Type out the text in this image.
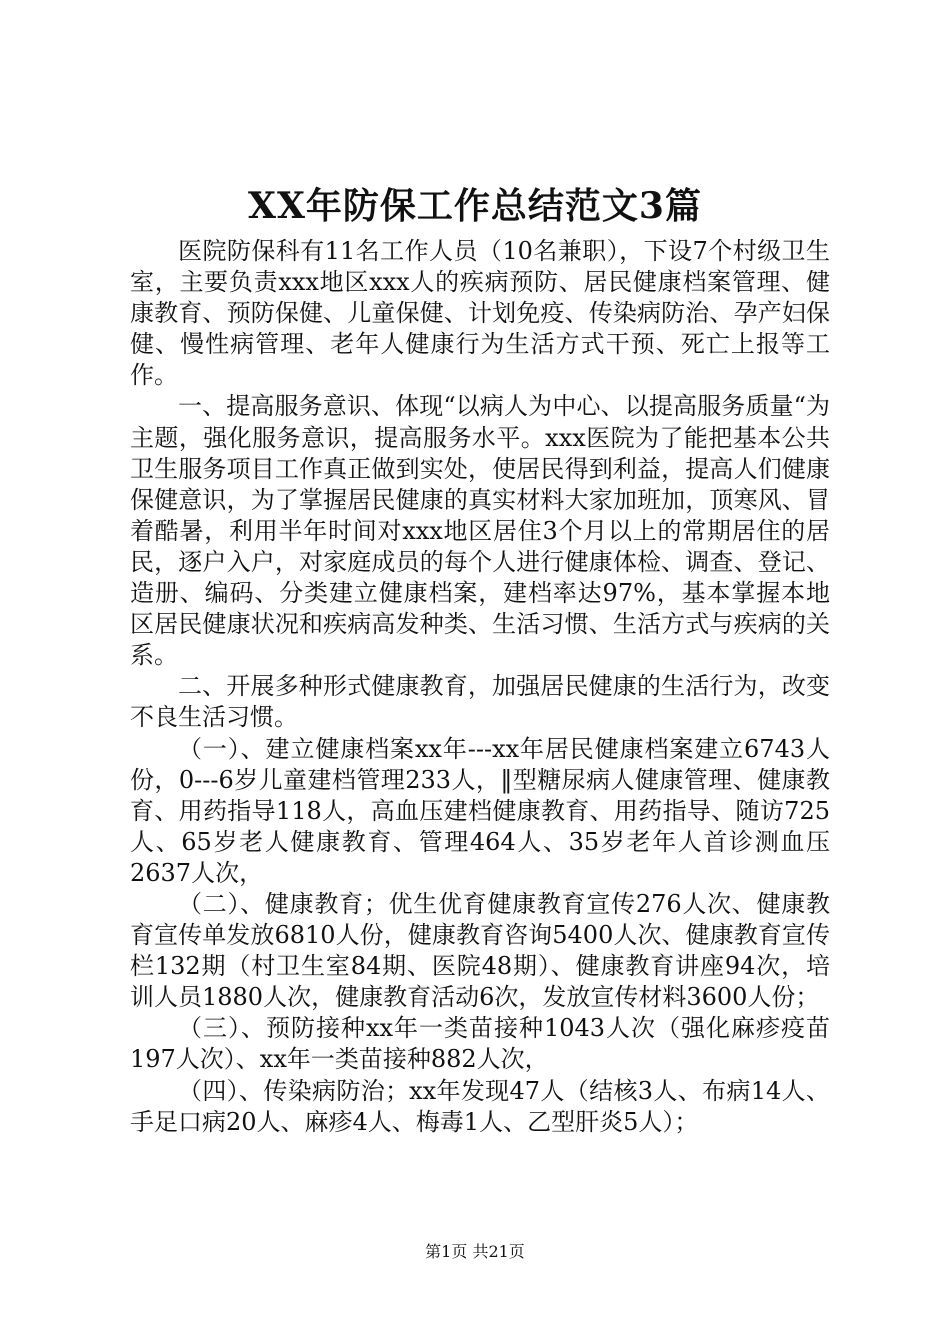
XX年防保工作总结范文3篇

医院防保科有11名工作人员（10名兼职），下设7个村级卫生室，主要负责xxx地区xxx人的疾病预防、居民健康档案管理、健康教育、预防保健、儿童保健、计划免疫、传染病防治、孕产妇保健、慢性病管理、老年人健康行为生活方式干预、死亡上报等工作。

一、提高服务意识、体现“以病人为中心、以提高服务质量“为主题，强化服务意识，提高服务水平。xxx医院为了能把基本公共卫生服务项目工作真正做到实处，使居民得到利益，提高人们健康保健意识，为了掌握居民健康的真实材料大家加班加，顶寒风、冒着酷暑，利用半年时间对xxx地区居住3个月以上的常期居住的居民，逐户入户，对家庭成员的每个人进行健康体检、调查、登记、造册、编码、分类建立健康档案，建档率达97%，基本掌握本地区居民健康状况和疾病高发种类、生活习惯、生活方式与疾病的关系。

二、开展多种形式健康教育，加强居民健康的生活行为，改变不良生活习惯。

（一）、建立健康档案xx年---xx年居民健康档案建立6743人份，0---6岁儿童建档管理233人，‖型糖尿病人健康管理、健康教育、用药指导118人，高血压建档健康教育、用药指导、随访725人、65岁老人健康教育、管理464人、35岁老年人首诊测血压2637人次，

（二）、健康教育；优生优育健康教育宣传276人次、健康教育宣传单发放6810人份，健康教育咨询5400人次、健康教育宣传栏132期（村卫生室84期、医院48期）、健康教育讲座94次，培训人员1880人次，健康教育活动6次，发放宣传材料3600人份；

（三）、预防接种xx年一类苗接种1043人次（强化麻疹疫苗197人次）、xx年一类苗接种882人次，

（四）、传染病防治；xx年发现47人（结核3人、布病14人、手足口病20人、麻疹4人、梅毒1人、乙型肝炎5人）；

第1页 共21页
